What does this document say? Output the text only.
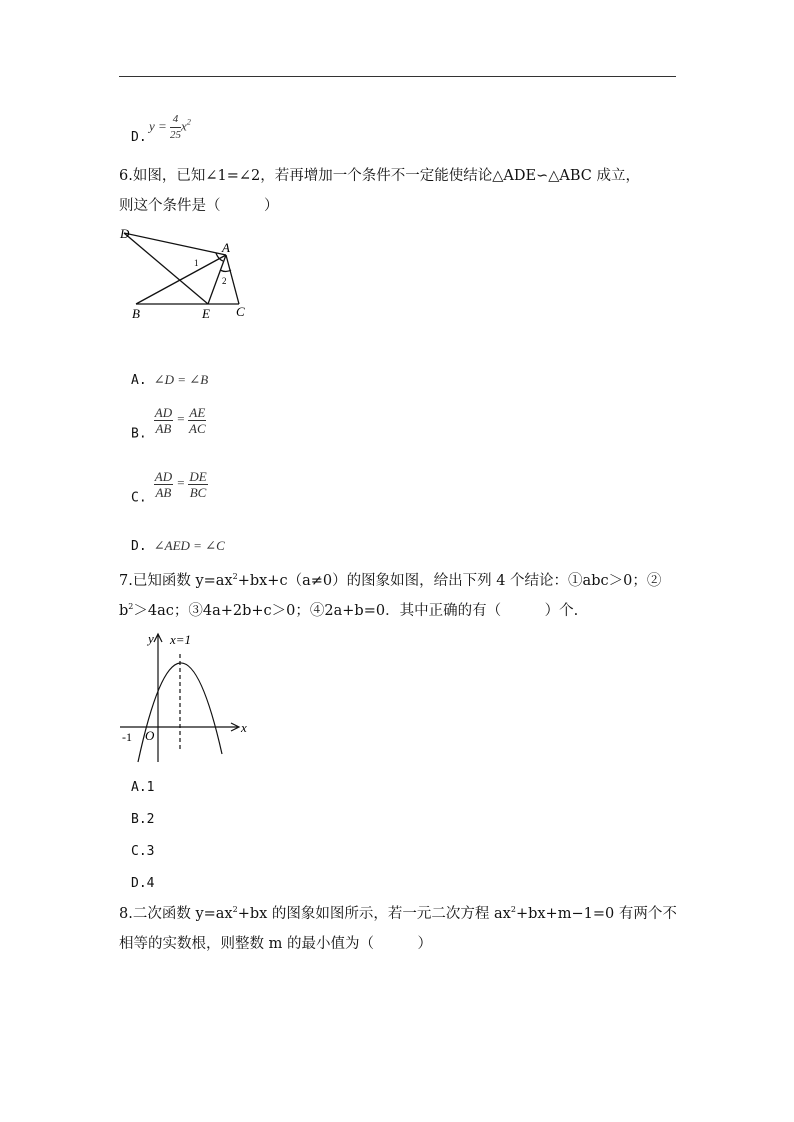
D.
$y = \frac{4}{25} x^2$
6.如图，已知∠1=∠2，若再增加一个条件不一定能使结论△ADE∽△ABC 成立，
则这个条件是（　　　）
D
A
B	E C
1
2
A. ∠D = ∠B
$_{B.} \frac{AD}{AB} = \frac{AE}{AC}$
$_{C.} \frac{AD}{AB} = \frac{DE}{BC}$
D. ∠AED = ∠C
7.已知函数 $y=ax^2+bx+c(a\ne 0)$的图象如图，给出下列 4 个结论：①abc＞0；②
$b^2>4ac$；③4a+2b+c＞0；④2a+b=0．其中正确的有（　　　）个.
y
x
O
-1
x=1
A.1
B.2
C.3
D.4
8.二次函数 $y=ax^2+bx$ 的图象如图所示，若一元二次方程 $ax^2+bx+m-1=0$ 有两个不
相等的实数根，则整数 m 的最小值为（　　　）
